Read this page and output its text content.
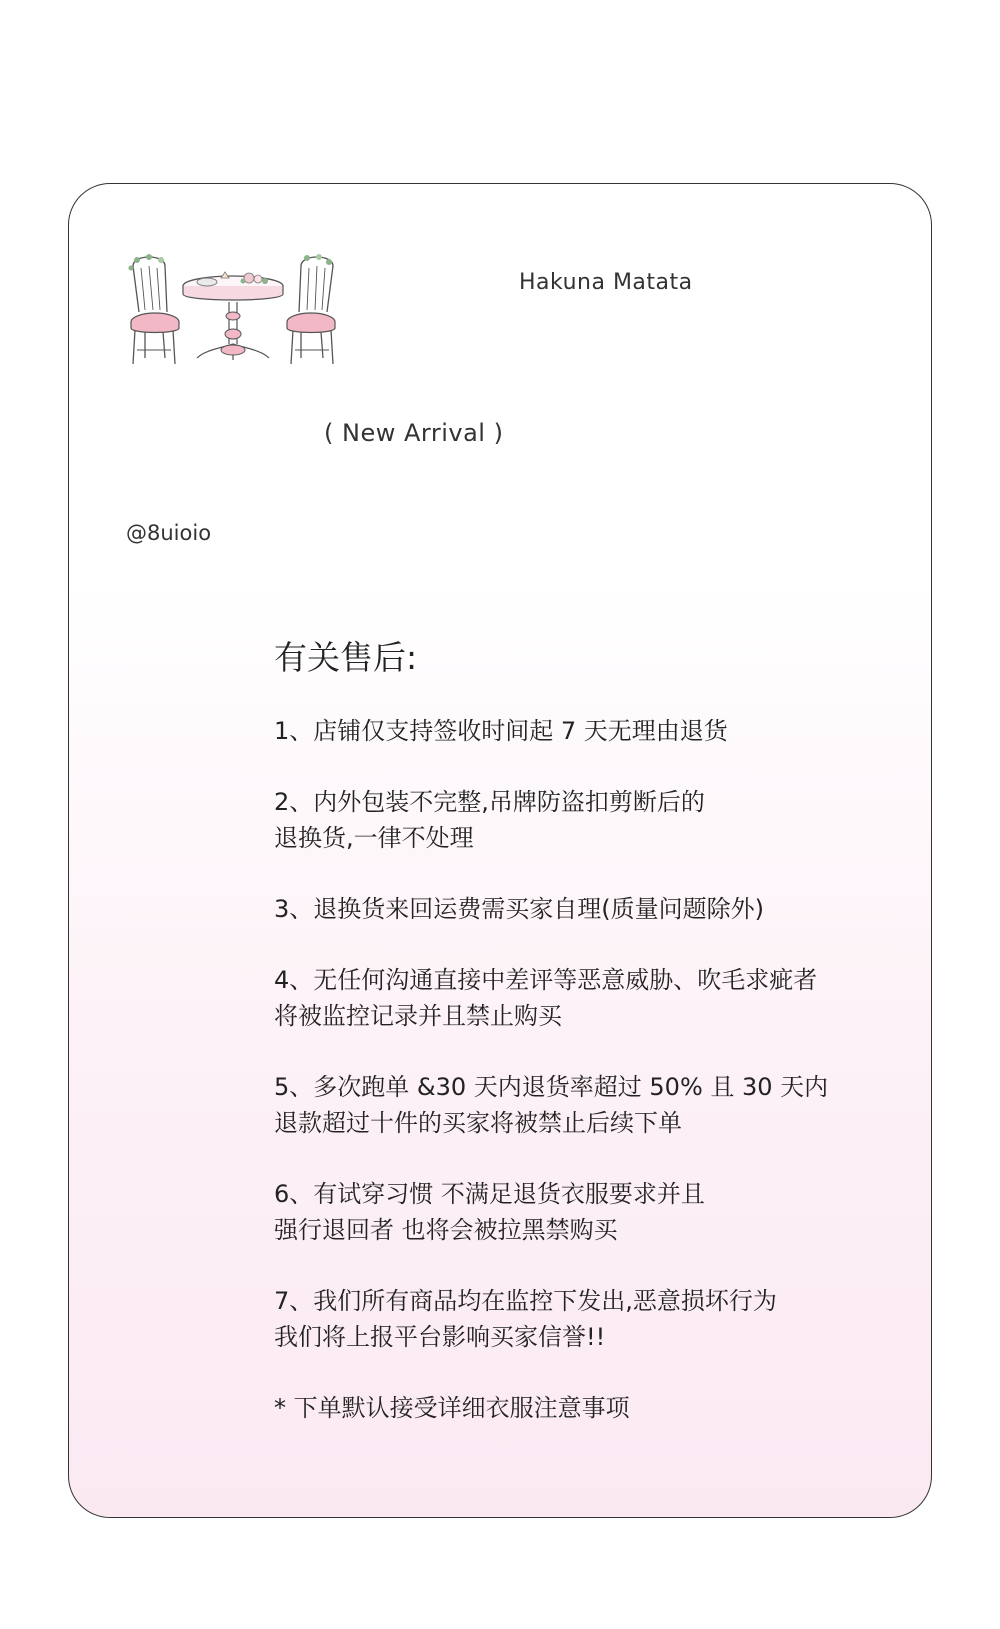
Hakuna Matata
( New Arrival )
@8uioio
有关售后:
1、店铺仅支持签收时间起 7 天无理由退货
2、内外包装不完整,吊牌防盗扣剪断后的
退换货,一律不处理
3、退换货来回运费需买家自理(质量问题除外)
4、无任何沟通直接中差评等恶意威胁、吹毛求疵者
将被监控记录并且禁止购买
5、多次跑单 &30 天内退货率超过 50% 且 30 天内
退款超过十件的买家将被禁止后续下单
6、有试穿习惯 不满足退货衣服要求并且
强行退回者 也将会被拉黑禁购买
7、我们所有商品均在监控下发出,恶意损坏行为
我们将上报平台影响买家信誉!!
* 下单默认接受详细衣服注意事项
